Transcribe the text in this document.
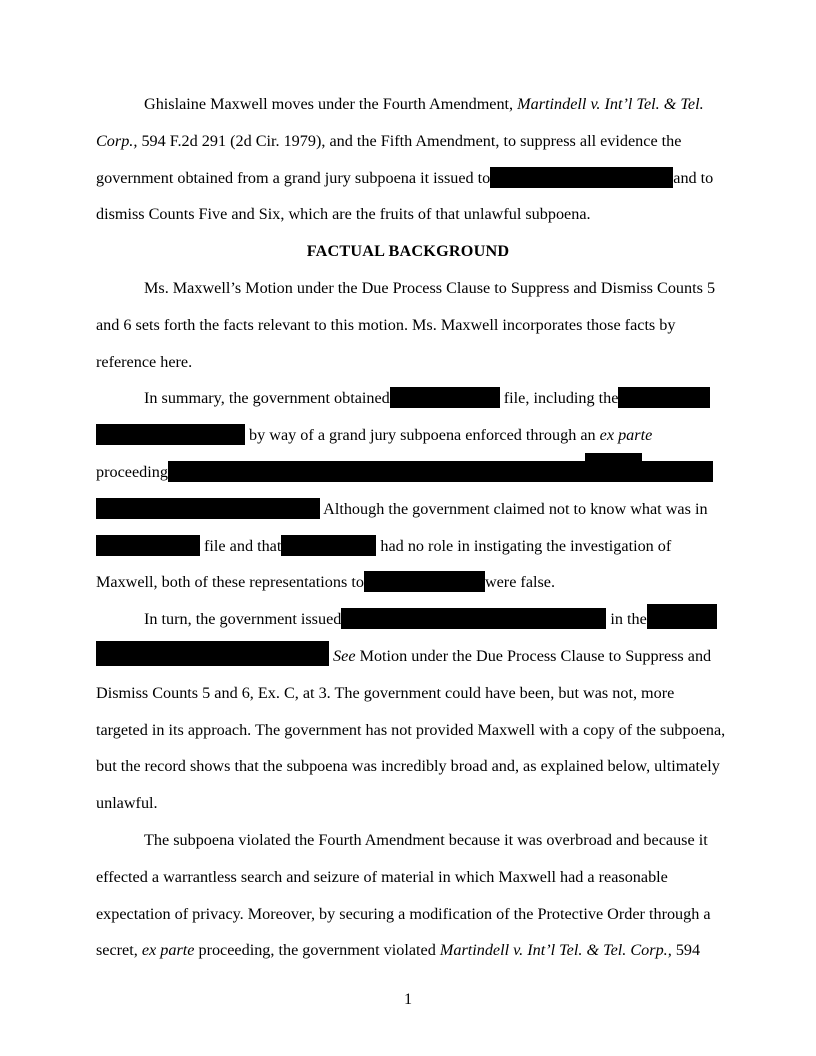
Ghislaine Maxwell moves under the Fourth Amendment, Martindell v. Int’l Tel. & Tel.
Corp., 594 F.2d 291 (2d Cir. 1979), and the Fifth Amendment, to suppress all evidence the
government obtained from a grand jury subpoena it issued to	and to
dismiss Counts Five and Six, which are the fruits of that unlawful subpoena.
FACTUAL BACKGROUND
Ms. Maxwell’s Motion under the Due Process Clause to Suppress and Dismiss Counts 5
and 6 sets forth the facts relevant to this motion. Ms. Maxwell incorporates those facts by
reference here.
In summary, the government obtained	file, including the
by way of a grand jury subpoena enforced through an ex parte
proceeding
Although the government claimed not to know what was in
file and that	had no role in instigating the investigation of
Maxwell, both of these representations to	were false.
In turn, the government issued	in the
See Motion under the Due Process Clause to Suppress and
Dismiss Counts 5 and 6, Ex. C, at 3. The government could have been, but was not, more
targeted in its approach. The government has not provided Maxwell with a copy of the subpoena,
but the record shows that the subpoena was incredibly broad and, as explained below, ultimately
unlawful.
The subpoena violated the Fourth Amendment because it was overbroad and because it
effected a warrantless search and seizure of material in which Maxwell had a reasonable
expectation of privacy. Moreover, by securing a modification of the Protective Order through a
secret, ex parte proceeding, the government violated Martindell v. Int’l Tel. & Tel. Corp., 594
1
